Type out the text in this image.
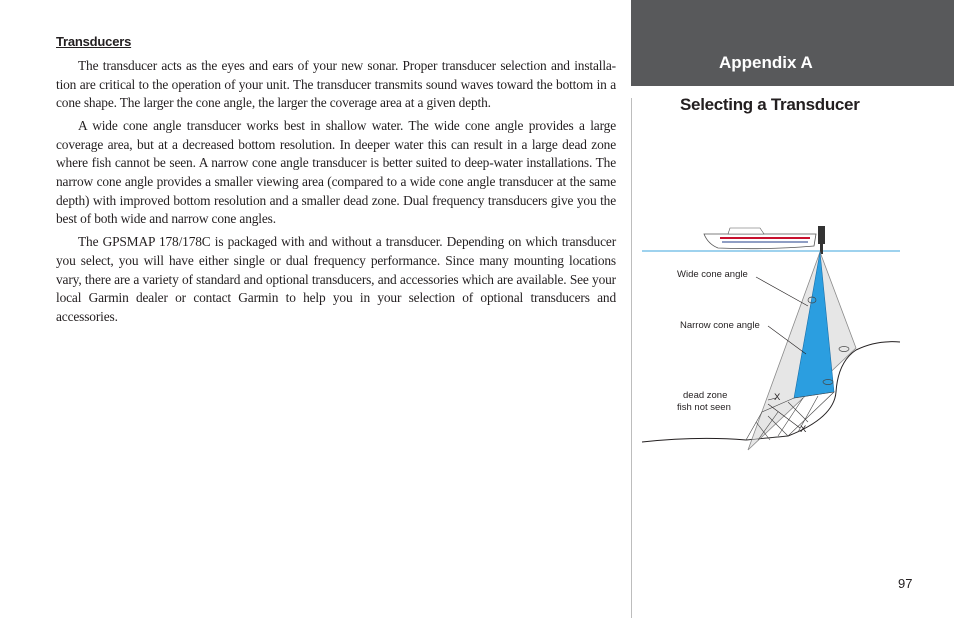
Appendix A
Selecting a Transducer
Transducers

The transducer acts as the eyes and ears of your new sonar. Proper transducer selection and installa-tion are critical to the operation of your unit. The transducer transmits sound waves toward the bottom in a cone shape. The larger the cone angle, the larger the coverage area at a given depth.

A wide cone angle transducer works best in shallow water. The wide cone angle provides a large coverage area, but at a decreased bottom resolution. In deeper water this can result in a large dead zone where fish cannot be seen. A narrow cone angle transducer is better suited to deep-water installations. The narrow cone angle provides a smaller viewing area (compared to a wide cone angle transducer at the same depth) with improved bottom resolution and a smaller dead zone. Dual frequency transducers give you the best of both wide and narrow cone angles.

The GPSMAP 178/178C is packaged with and without a transducer. Depending on which transducer you select, you will have either single or dual frequency performance. Since many mounting locations vary, there are a variety of standard and optional transducers, and accessories which are available. See your local Garmin dealer or contact Garmin to help you in your selection of optional transducers and accessories.

Wide cone angle
Narrow cone angle
dead zone
fish not seen
X
X
97
